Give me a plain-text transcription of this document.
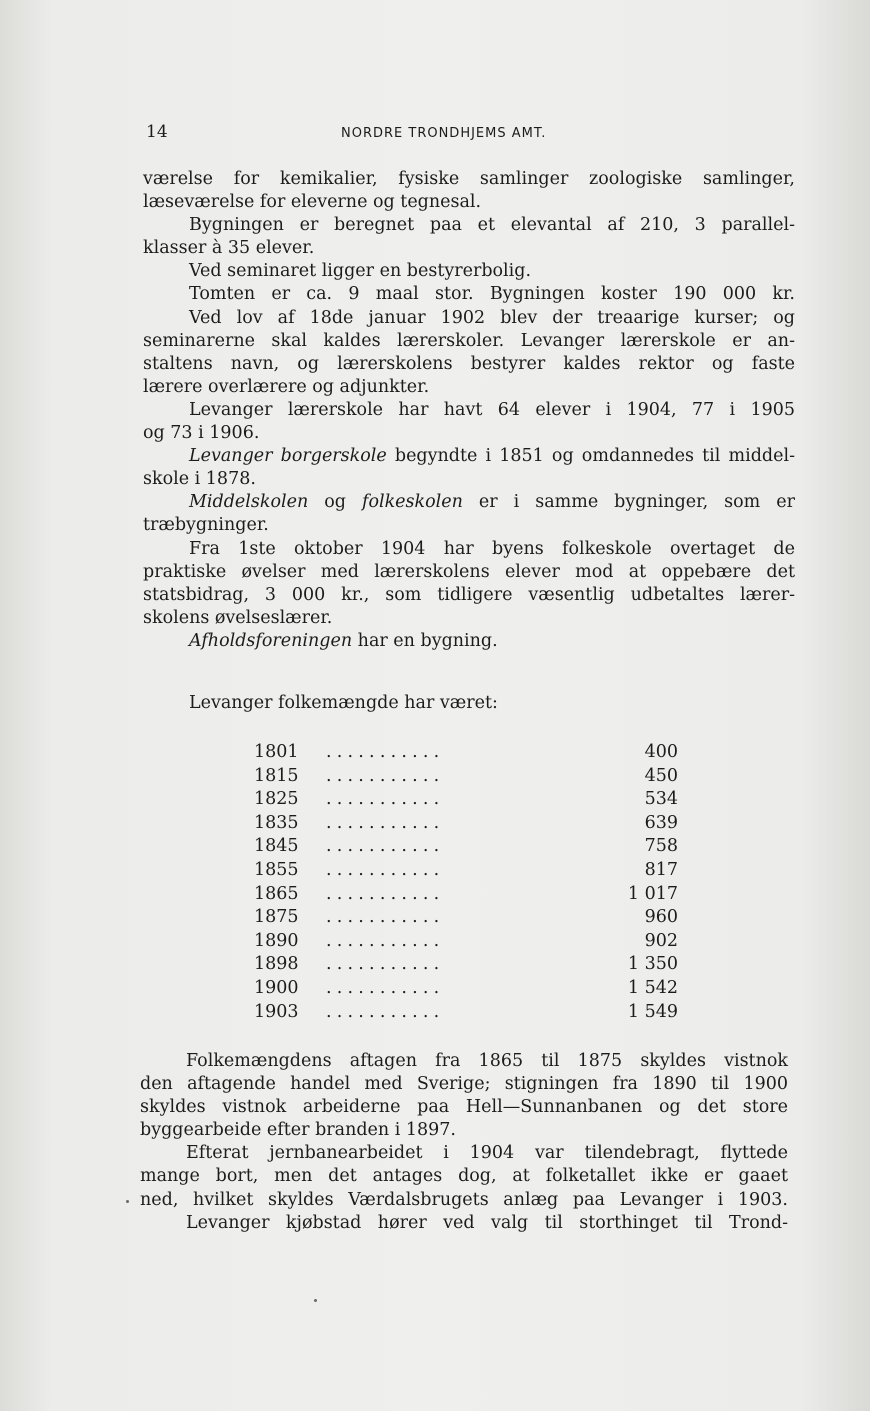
14	NORDRE TRONDHJEMS AMT.
værelse for kemikalier, fysiske samlinger zoologiske samlinger,
læseværelse for eleverne og tegnesal.
Bygningen er beregnet paa et elevantal af 210, 3 parallel-
klasser à 35 elever.
Ved seminaret ligger en bestyrerbolig.
Tomten er ca. 9 maal stor. Bygningen koster 190 000 kr.
Ved lov af 18de januar 1902 blev der treaarige kurser; og
seminarerne skal kaldes lærerskoler. Levanger lærerskole er an-
staltens navn, og lærerskolens bestyrer kaldes rektor og faste
lærere overlærere og adjunkter.
Levanger lærerskole har havt 64 elever i 1904, 77 i 1905
og 73 i 1906.
Levanger borgerskole begyndte i 1851 og omdannedes til middel-
skole i 1878.
Middelskolen og folkeskolen er i samme bygninger, som er
træbygninger.
Fra 1ste oktober 1904 har byens folkeskole overtaget de
praktiske øvelser med lærerskolens elever mod at oppebære det
statsbidrag, 3 000 kr., som tidligere væsentlig udbetaltes lærer-
skolens øvelseslærer.
Afholdsforeningen har en bygning.
Levanger folkemængde har været:
1801 ...........	400
1815 ...........	450
1825 ...........	534
1835 ...........	639
1845 ...........	758
1855 ...........	817
1865 ...........	1 017
1875 ...........	960
1890 ...........	902
1898 ...........	1 350
1900 ...........	1 542
1903 ...........	1 549
Folkemængdens aftagen fra 1865 til 1875 skyldes vistnok
den aftagende handel med Sverige; stigningen fra 1890 til 1900
skyldes vistnok arbeiderne paa Hell—Sunnanbanen og det store
byggearbeide efter branden i 1897.
Efterat jernbanearbeidet i 1904 var tilendebragt, flyttede
mange bort, men det antages dog, at folketallet ikke er gaaet
ned, hvilket skyldes Værdalsbrugets anlæg paa Levanger i 1903.
Levanger kjøbstad hører ved valg til storthinget til Trond-
